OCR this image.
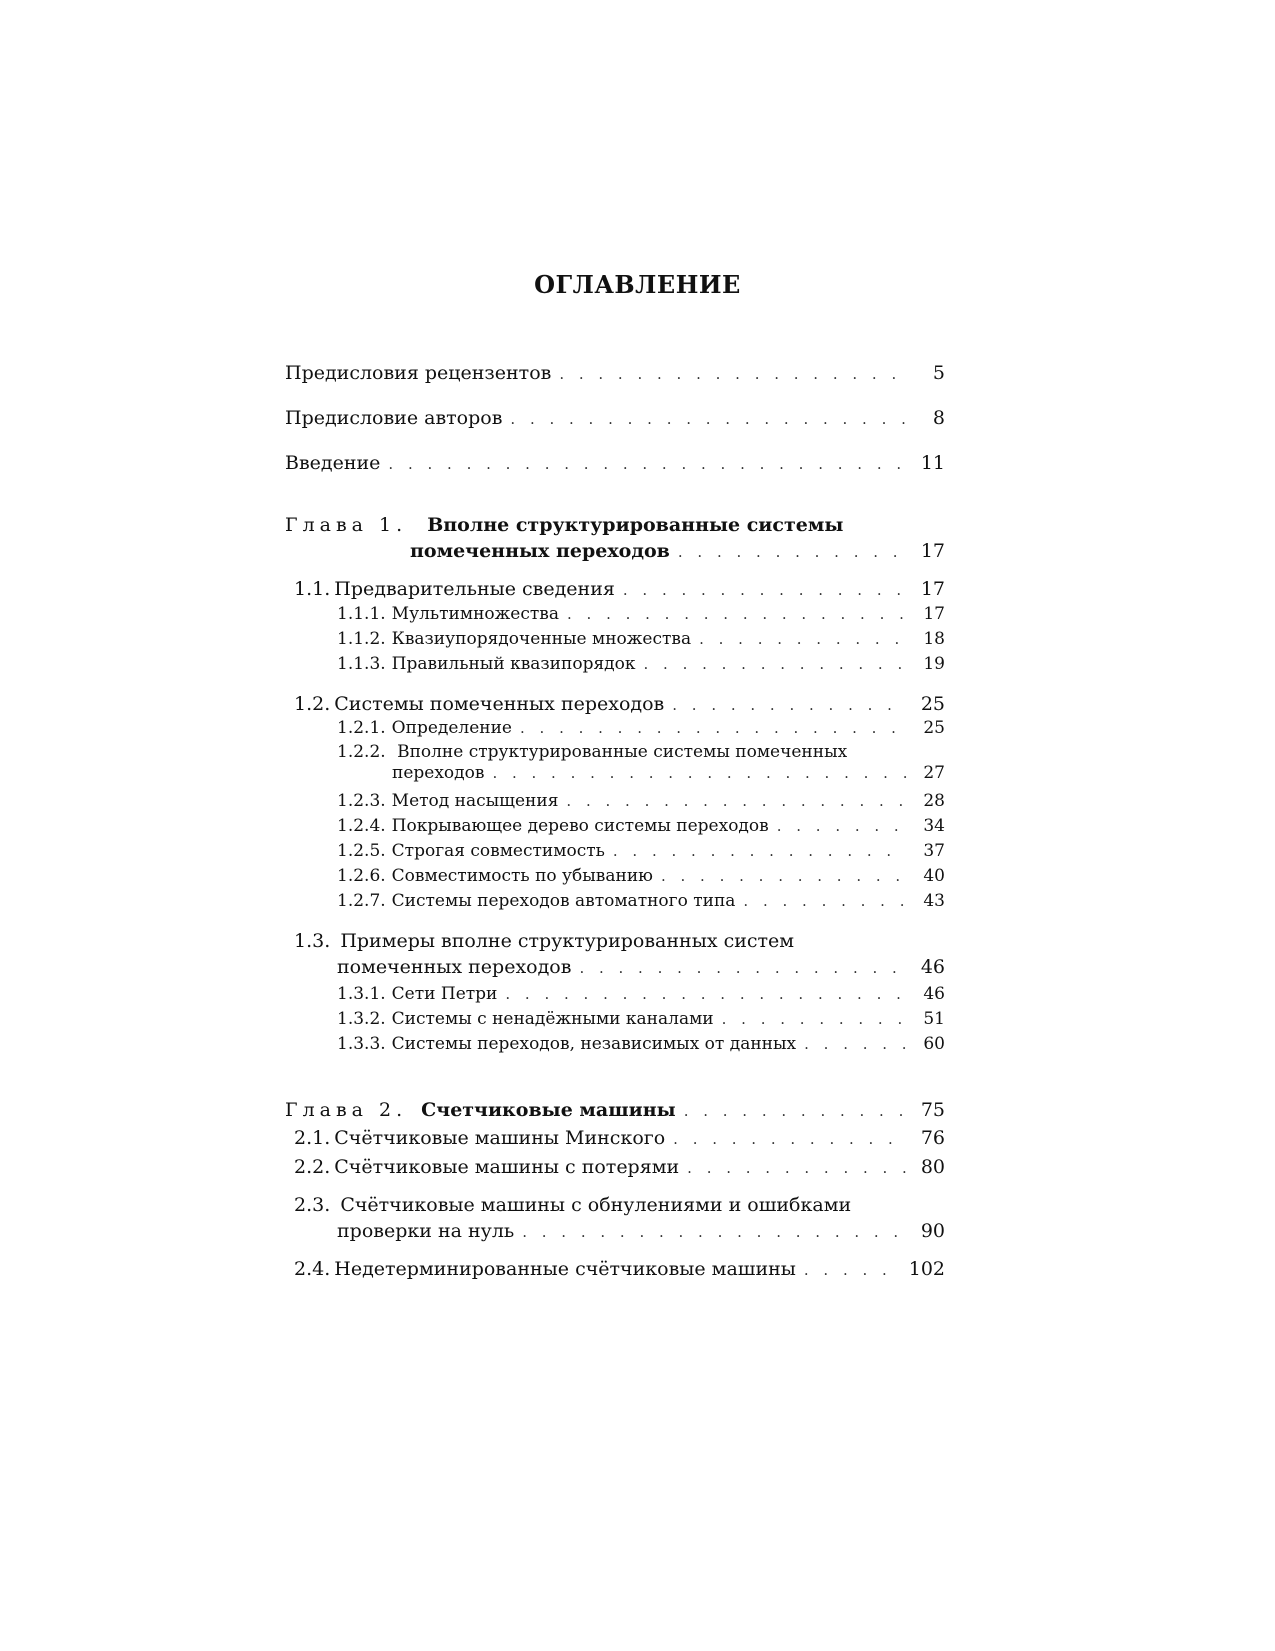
ОГЛАВЛЕНИЕ
Предисловия рецензентов . . .	5
Предисловие авторов . . .	8
Введение . . .	11
Глава 1. Вполне структурированные системы
помеченных переходов . . .	17
1.1. Предварительные сведения . . .	17
1.1.1. Мультимножества . . .	17
1.1.2. Квазиупорядоченные множества . . .	18
1.1.3. Правильный квазипорядок . . .	19
1.2. Системы помеченных переходов . . .	25
1.2.1. Определение . . .	25
1.2.2. Вполне структурированные системы помеченных
переходов . . .	27
1.2.3. Метод насыщения . . .	28
1.2.4. Покрывающее дерево системы переходов . . .	34
1.2.5. Строгая совместимость . . .	37
1.2.6. Совместимость по убыванию . . .	40
1.2.7. Системы переходов автоматного типа . . .	43
1.3. Примеры вполне структурированных систем
помеченных переходов . . .	46
1.3.1. Сети Петри . . .	46
1.3.2. Системы с ненадёжными каналами . . .	51
1.3.3. Системы переходов, независимых от данных . . .	60
Глава 2. Счетчиковые машины . . .	75
2.1. Счётчиковые машины Минского . . .	76
2.2. Счётчиковые машины с потерями . . .	80
2.3. Счётчиковые машины с обнулениями и ошибками
проверки на нуль . . .	90
2.4. Недетерминированные счётчиковые машины . . .	102
